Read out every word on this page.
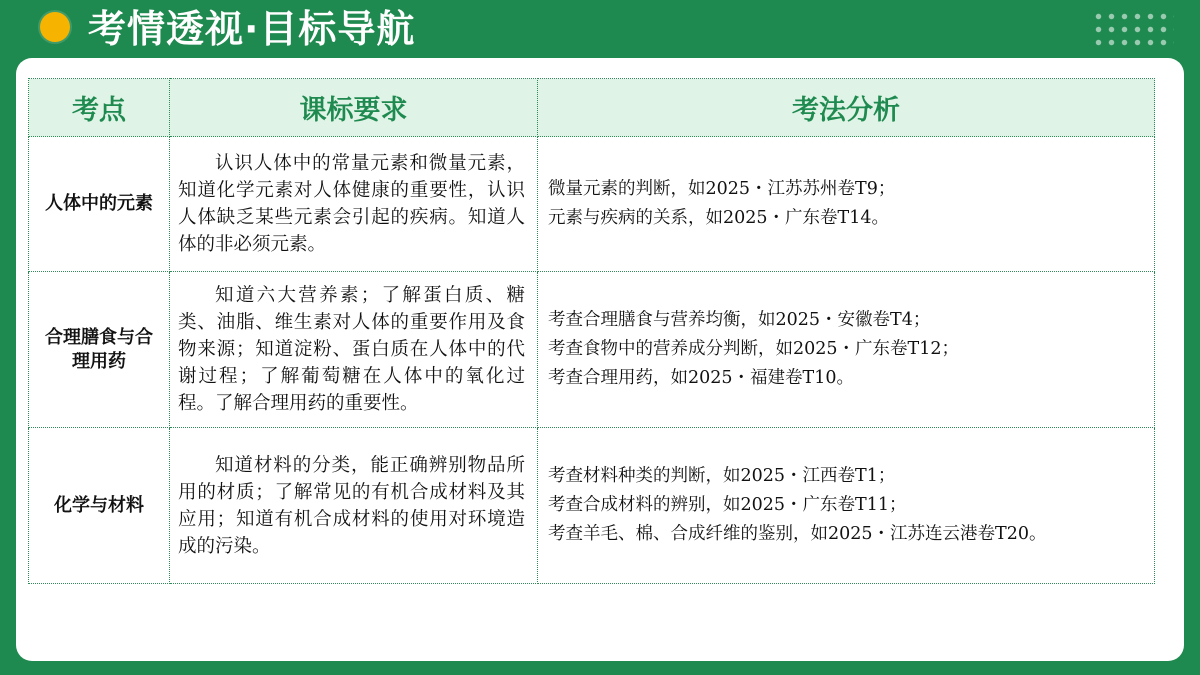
考情透视·目标导航
考点	课标要求	考法分析
人体中的元素	认识人体中的常量元素和微量元素，知道化学元素对人体健康的重要性，认识人体缺乏某些元素会引起的疾病。知道人体的非必须元素。	微量元素的判断，如2025・江苏苏州卷T9；
元素与疾病的关系，如2025・广东卷T14。

合理膳食与合理用药	知道六大营养素；了解蛋白质、糖类、油脂、维生素对人体的重要作用及食物来源；知道淀粉、蛋白质在人体中的代谢过程；了解葡萄糖在人体中的氧化过程。了解合理用药的重要性。	考查合理膳食与营养均衡，如2025・安徽卷T4；
考查食物中的营养成分判断，如2025・广东卷T12；
考查合理用药，如2025・福建卷T10。

化学与材料	知道材料的分类，能正确辨别物品所用的材质；了解常见的有机合成材料及其应用；知道有机合成材料的使用对环境造成的污染。	考查材料种类的判断，如2025・江西卷T1；
考查合成材料的辨别，如2025・广东卷T11；
考查羊毛、棉、合成纤维的鉴别，如2025・江苏连云港卷T20。
